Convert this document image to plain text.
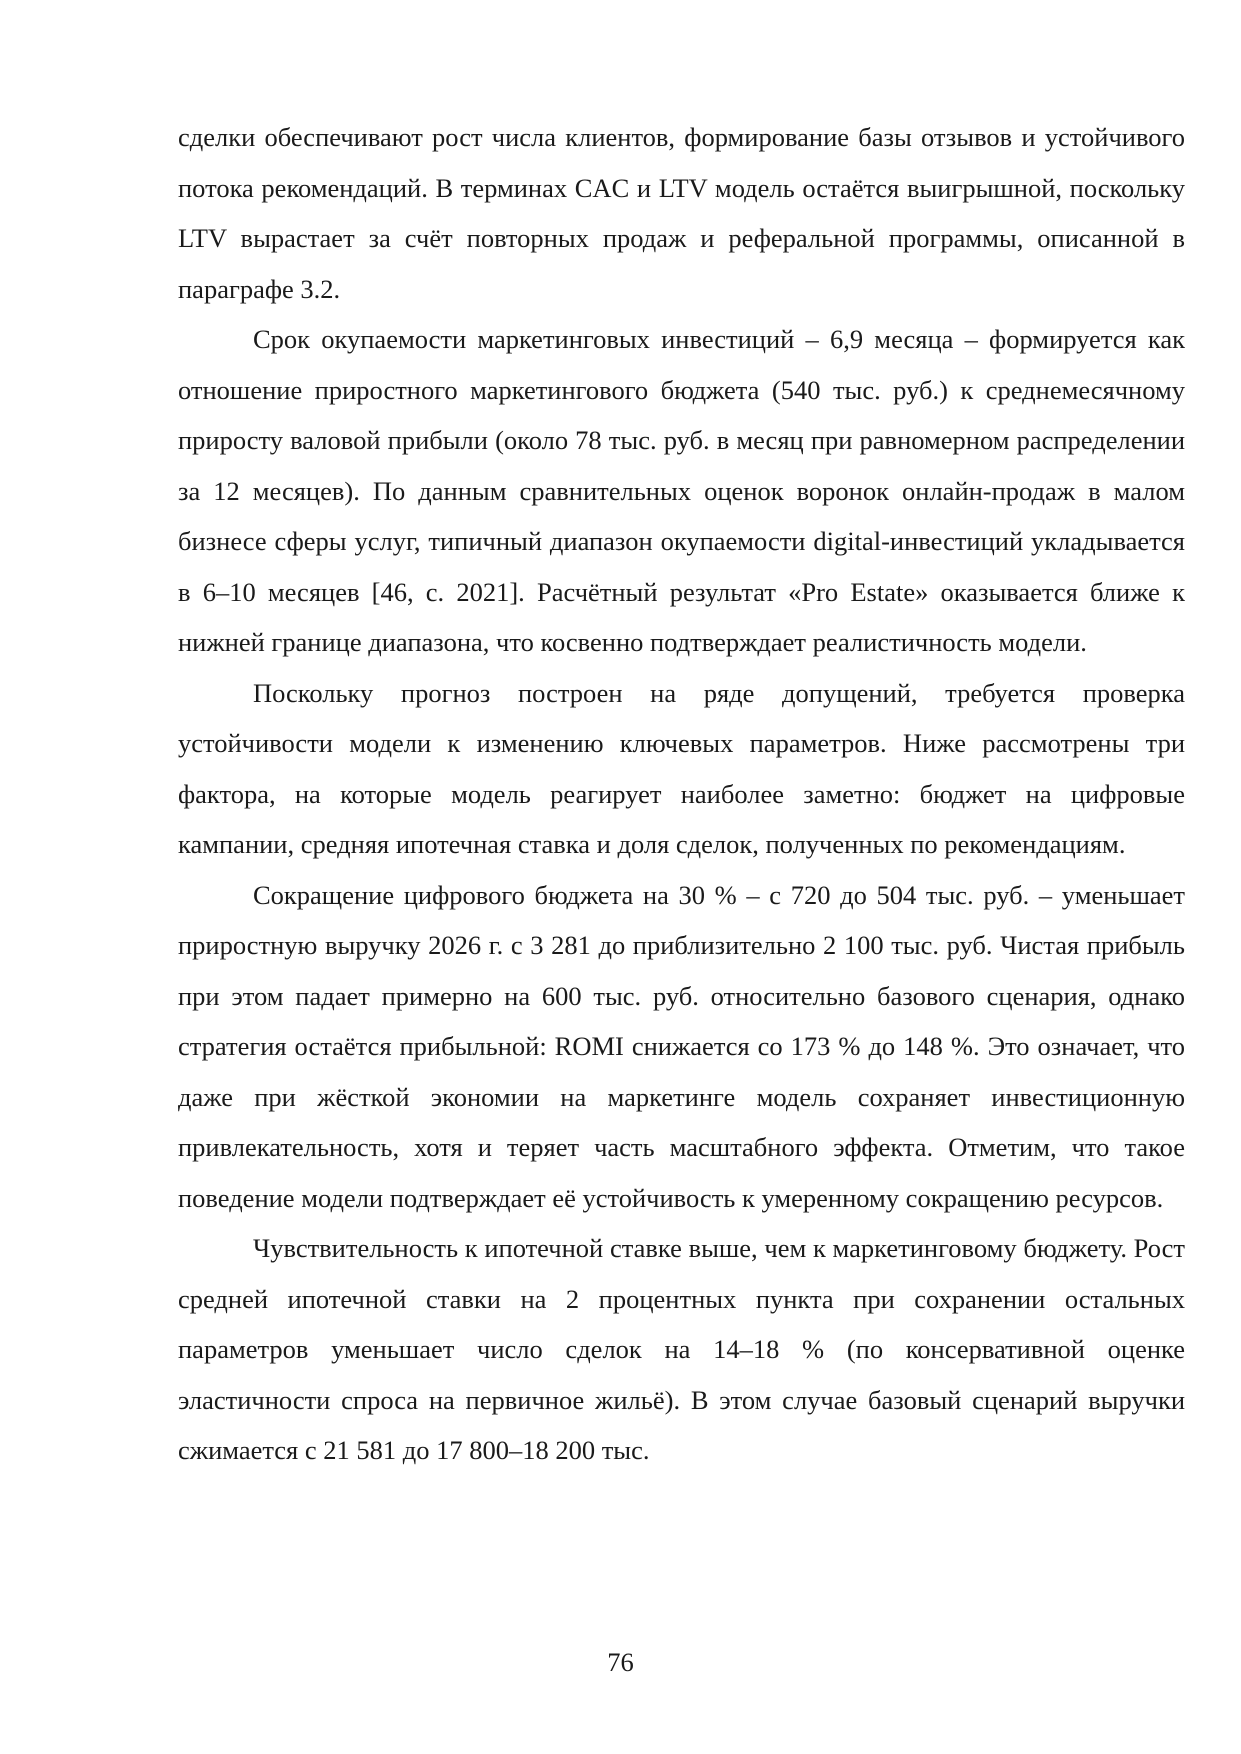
сделки обеспечивают рост числа клиентов, формирование базы отзывов и устойчивого потока рекомендаций. В терминах CAC и LTV модель остаётся выигрышной, поскольку LTV вырастает за счёт повторных продаж и реферальной программы, описанной в параграфе 3.2.

Срок окупаемости маркетинговых инвестиций – 6,9 месяца – формируется как отношение приростного маркетингового бюджета (540 тыс. руб.) к среднемесячному приросту валовой прибыли (около 78 тыс. руб. в месяц при равномерном распределении за 12 месяцев). По данным сравнительных оценок воронок онлайн-продаж в малом бизнесе сферы услуг, типичный диапазон окупаемости digital-инвестиций укладывается в 6–10 месяцев [46, с. 2021]. Расчётный результат «Pro Estate» оказывается ближе к нижней границе диапазона, что косвенно подтверждает реалистичность модели.

Поскольку прогноз построен на ряде допущений, требуется проверка устойчивости модели к изменению ключевых параметров. Ниже рассмотрены три фактора, на которые модель реагирует наиболее заметно: бюджет на цифровые кампании, средняя ипотечная ставка и доля сделок, полученных по рекомендациям.

Сокращение цифрового бюджета на 30 % – с 720 до 504 тыс. руб. – уменьшает приростную выручку 2026 г. с 3 281 до приблизительно 2 100 тыс. руб. Чистая прибыль при этом падает примерно на 600 тыс. руб. относительно базового сценария, однако стратегия остаётся прибыльной: ROMI снижается со 173 % до 148 %. Это означает, что даже при жёсткой экономии на маркетинге модель сохраняет инвестиционную привлекательность, хотя и теряет часть масштабного эффекта. Отметим, что такое поведение модели подтверждает её устойчивость к умеренному сокращению ресурсов.

Чувствительность к ипотечной ставке выше, чем к маркетинговому бюджету. Рост средней ипотечной ставки на 2 процентных пункта при сохранении остальных параметров уменьшает число сделок на 14–18 % (по консервативной оценке эластичности спроса на первичное жильё). В этом случае базовый сценарий выручки сжимается с 21 581 до 17 800–18 200 тыс.

76
